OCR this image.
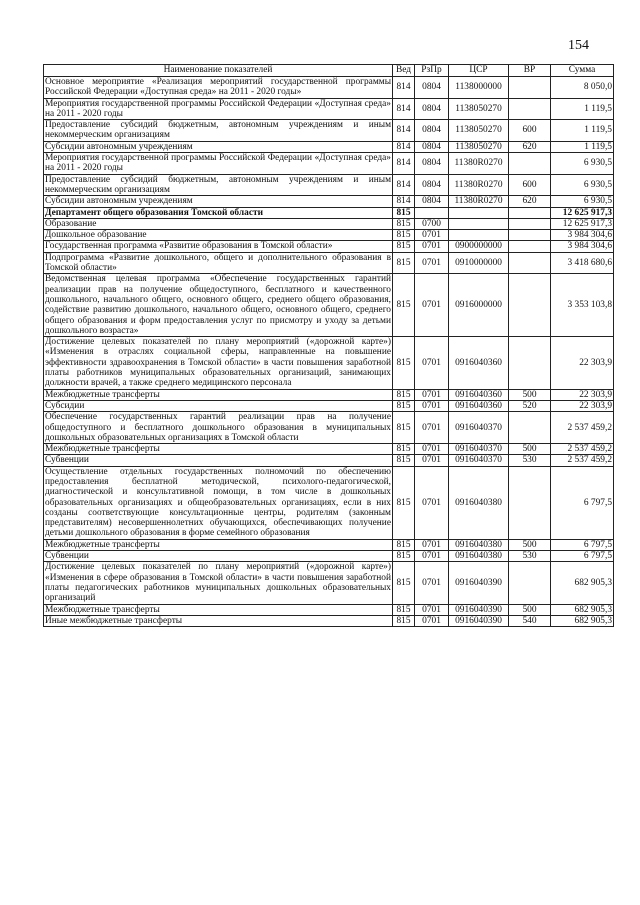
154
Наименование показателей	Вед	РзПр	ЦСР	ВР	Сумма
Основное мероприятие «Реализация мероприятий государственной программы Российской Федерации «Доступная среда» на 2011 - 2020 годы»	814	0804	1138000000		8 050,0
Мероприятия государственной программы Российской Федерации «Доступная среда» на 2011 - 2020 годы	814	0804	1138050270		1 119,5
Предоставление субсидий бюджетным, автономным учреждениям и иным некоммерческим организациям	814	0804	1138050270	600	1 119,5
Субсидии автономным учреждениям	814	0804	1138050270	620	1 119,5
Мероприятия государственной программы Российской Федерации «Доступная среда» на 2011 - 2020 годы	814	0804	11380R0270		6 930,5
Предоставление субсидий бюджетным, автономным учреждениям и иным некоммерческим организациям	814	0804	11380R0270	600	6 930,5
Субсидии автономным учреждениям	814	0804	11380R0270	620	6 930,5
Департамент общего образования Томской области	815				12 625 917,3
Образование	815	0700			12 625 917,3
Дошкольное образование	815	0701			3 984 304,6
Государственная программа «Развитие образования в Томской области»	815	0701	0900000000		3 984 304,6
Подпрограмма «Развитие дошкольного, общего и дополнительного образования в Томской области»	815	0701	0910000000		3 418 680,6
Ведомственная целевая программа «Обеспечение государственных гарантий реализации прав на получение общедоступного, бесплатного и качественного дошкольного, начального общего, основного общего, среднего общего образования, содействие развитию дошкольного, начального общего, основного общего, среднего общего образования и форм предоставления услуг по присмотру и уходу за детьми дошкольного возраста»	815	0701	0916000000		3 353 103,8
Достижение целевых показателей по плану мероприятий («дорожной карте») «Изменения в отраслях социальной сферы, направленные на повышение эффективности здравоохранения в Томской области» в части повышения заработной платы работников муниципальных образовательных организаций, занимающих должности врачей, а также среднего медицинского персонала	815	0701	0916040360		22 303,9
Межбюджетные трансферты	815	0701	0916040360	500	22 303,9
Субсидии	815	0701	0916040360	520	22 303,9
Обеспечение государственных гарантий реализации прав на получение общедоступного и бесплатного дошкольного образования в муниципальных дошкольных образовательных организациях в Томской области	815	0701	0916040370		2 537 459,2
Межбюджетные трансферты	815	0701	0916040370	500	2 537 459,2
Субвенции	815	0701	0916040370	530	2 537 459,2
Осуществление отдельных государственных полномочий по обеспечению предоставления бесплатной методической, психолого-педагогической, диагностической и консультативной помощи, в том числе в дошкольных образовательных организациях и общеобразовательных организациях, если в них созданы соответствующие консультационные центры, родителям (законным представителям) несовершеннолетних обучающихся, обеспечивающих получение детьми дошкольного образования в форме семейного образования	815	0701	0916040380		6 797,5
Межбюджетные трансферты	815	0701	0916040380	500	6 797,5
Субвенции	815	0701	0916040380	530	6 797,5
Достижение целевых показателей по плану мероприятий («дорожной карте») «Изменения в сфере образования в Томской области» в части повышения заработной платы педагогических работников муниципальных дошкольных образовательных организаций	815	0701	0916040390		682 905,3
Межбюджетные трансферты	815	0701	0916040390	500	682 905,3
Иные межбюджетные трансферты	815	0701	0916040390	540	682 905,3
